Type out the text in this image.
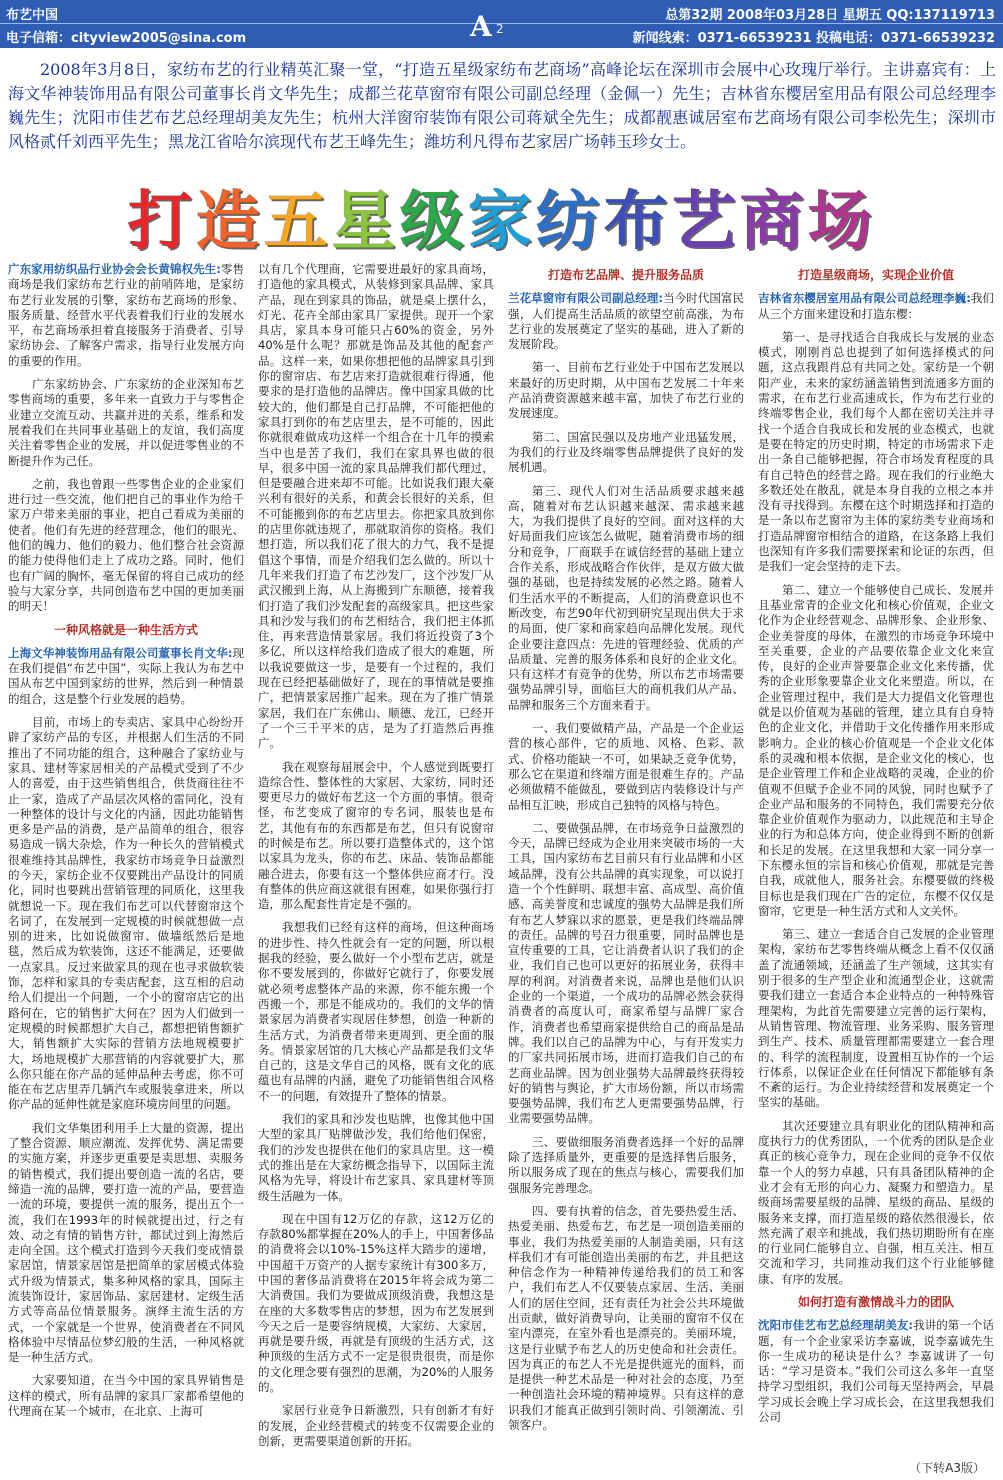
布艺中国
电子信箱：cityview2005@sina.com	A 2
总第32期 2008年03月28日 星期五 QQ:137119713
新闻线索：0371-66539231 投稿电话：0371-66539232
2008年3月8日，家纺布艺的行业精英汇聚一堂，“打造五星级家纺布艺商场”高峰论坛在深圳市会展中心玫瑰厅举行。主讲嘉宾有：上海文华神装饰用品有限公司董事长肖文华先生；成都兰花草窗帘有限公司副总经理（金佩一）先生；吉林省东樱居室用品有限公司总经理李巍先生；沈阳市佳艺布艺总经理胡美友先生；杭州大洋窗帘装饰有限公司蒋斌全先生；成都靓惠诚居室布艺商场有限公司李松先生；深圳市风格贰仟刘西平先生；黑龙江省哈尔滨现代布艺王峰先生；潍坊利凡得布艺家居广场韩玉珍女士。
打造五星级家纺布艺商场

广东家用纺织品行业协会会长黄锦权先生:零售商场是我们家纺布艺行业的前哨阵地，是家纺布艺行业发展的引擎，家纺布艺商场的形象、服务质量、经营水平代表着我们行业的发展水平，布艺商场承担着直接服务于消费者、引导家纺协会、了解客户需求，指导行业发展方向的重要的作用。

广东家纺协会、广东家纺的企业深知布艺零售商场的重要，多年来一直致力于与零售企业建立交流互动、共赢并进的关系，维系和发展着我们在共同事业基础上的友谊，我们高度关注着零售企业的发展，并以促进零售业的不断提升作为己任。

之前，我也曾跟一些零售企业的企业家们进行过一些交流，他们把自己的事业作为给千家万户带来美丽的事业，把自己看成为美丽的使者。他们有先进的经营理念，他们的眼光、他们的魄力、他们的毅力、他们整合社会资源的能力使得他们走上了成功之路。同时，他们也有广阔的胸怀，毫无保留的将自己成功的经验与大家分享，共同创造布艺中国的更加美丽的明天！

一种风格就是一种生活方式

上海文华神装饰用品有限公司董事长肖文华:现在我们提倡“布艺中国”，实际上我认为布艺中国从布艺中国到家纺的世界，然后到一种情景的组合，这是整个行业发展的趋势。

目前，市场上的专卖店、家具中心纷纷开辟了家纺产品的专区，并根据人们生活的不同推出了不同功能的组合，这种融合了家纺业与家具、建材等家居相关的产品模式受到了不少人的喜爱，由于这些销售组合，供货商往往不止一家，造成了产品层次风格的雷同化，没有一种整体的设计与文化的内涵，因此功能销售更多是产品的消费，是产品简单的组合，很容易造成一锅大杂烩，作为一种长久的营销模式很难维持其品牌性，我家纺市场竞争日益激烈的今天，家纺企业不仅要跳出产品设计的同质化，同时也要跳出营销管理的同质化，这里我就想说一下。现在我们布艺可以代替窗帘这个名词了，在发展到一定规模的时候就想做一点别的进来，比如说做窗帘、做墙纸然后是地毯，然后成为软装饰，这还不能满足，还要做一点家具。反过来做家具的现在也寻求做软装饰，怎样和家具的专卖店配套，这互相的启动给人们提出一个问题，一个小的窗帘店它的出路何在，它的销售扩大何在？因为人们做到一定规模的时候都想扩大自己，都想把销售额扩大，销售额扩大实际的营销方法地规模要扩大，场地规模扩大那营销的内容就要扩大，那么你只能在你产品的延伸品种去考虑，你不可能在布艺店里弄几辆汽车或服装拿进来，所以你产品的延伸性就是家庭环境房间里的问题。

我们文华集团利用手上大量的资源，提出了整合资源、顺应潮流、发挥优势、满足需要的实施方案，并逐步更重要是卖思想、卖服务的销售模式，我们提出要创造一流的名店，要缔造一流的品牌，要打造一流的产品，要营造一流的环境，要提供一流的服务，提出五个一流，我们在1993年的时候就提出过，行之有效、动之有情的销售方针，都试过到上海然后走向全国。这个模式打造到今天我们变成情景家居馆，情景家居馆是把简单的家居模式体验式升级为情景式，集多种风格的家具，国际主流装饰设计，家居饰品、家居建材、定级生活方式等高品位情景服务。演绎主流生活的方式，一个家就是一个世界，使消费者在不同风格体验中尽情品位梦幻般的生活，一种风格就是一种生活方式。

大家要知道，在当今中国的家具界销售是这样的模式，所有品牌的家具厂家都希望他的代理商在某一个城市，在北京、上海可

以有几个代理商，它需要进最好的家具商场，打造他的家具模式，从装修到家具品牌、家具产品，现在到家具的饰品，就是桌上摆什么，灯光、花卉全部由家具厂家提供。现开一个家具店，家具本身可能只占60%的资金，另外40%是什么呢？那就是饰品及其他的配套产品。这样一来，如果你想把他的品牌家具引到你的窗帘店、布艺店来打造就很难行得通，他要求的是打造他的品牌店。像中国家具做的比较大的，他们都是自己打品牌，不可能把他的家具打到你的布艺店里去，是不可能的，因此你就很难做成功这样一个组合在十几年的摸索当中也是苦了我们，我们在家具界也做的很早，很多中国一流的家具品牌我们都代理过，但是要融合进来却不可能。比如说我们跟大豪兴利有很好的关系，和黄会长很好的关系，但不可能搬到你的布艺店里去。你把家具放到你的店里你就违规了，那就取消你的资格。我们想打造，所以我们花了很大的力气，我不是提倡这个事情，而是介绍我们怎么做的。所以十几年来我们打造了布艺沙发厂，这个沙发厂从武汉搬到上海，从上海搬到广东顺德，接着我们打造了我们沙发配套的高级家具。把这些家具和沙发与我们的布艺相结合，我们把主体抓住，再来营造情景家居。我们将近投资了3个多亿，所以这样给我们造成了很大的难题，所以我说要做这一步，是要有一个过程的，我们现在已经把基础做好了，现在的事情就是要推广，把情景家居推广起来。现在为了推广情景家居，我们在广东佛山、顺德、龙江，已经开了一个三千平米的店，是为了打造然后再推广。

我在观察每届展会中，个人感觉到既要打造综合性、整体性的大家居、大家纺，同时还要更尽力的做好布艺这一个方面的事情。很奇怪，布艺变成了窗帘的专名词，服装也是布艺，其他有布的东西都是布艺，但只有说窗帘的时候是布艺。所以要打造整体式的，这个馆以家具为龙头，你的布艺、床品、装饰品都能融合进去，你要有这一个整体供应商才行。没有整体的供应商这就很有困难，如果你强行打造，那么配套性肯定是不强的。

我想我们已经有这样的商场，但这种商场的进步性、持久性就会有一定的问题，所以根据我的经验，要么做好一个小型布艺店，就是你不要发展到的，你做好它就行了，你要发展就必须考虑整体产品的来源，你不能东搬一个西搬一个，那是不能成功的。我们的文华的情景家居为消费者实现居住梦想，创造一种新的生活方式，为消费者带来更周到、更全面的服务。情景家居馆的几大核心产品都是我们文华自己的，这是文华自己的风格，既有文化的底蕴也有品牌的内涵，避免了功能销售组合风格不一的问题，有效提升了整体的情景。

我们的家具和沙发也贴牌，也像其他中国大型的家具厂贴牌做沙发，我们给他们保密，我们的沙发也提供在他们的家具店里。这一模式的推出是在大家纺概念指导下，以国际主流风格为先导，将设计布艺家具、家具建材等顶级生活融为一体。

现在中国有12万亿的存款，这12万亿的存款80%都掌握在20%人的手上，中国奢侈品的消费将会以10%-15%这样大踏步的递增，中国超千万资产的人据专家统计有300多万，中国的奢侈品消费将在2015年将会成为第二大消费国。我们为要做成顶级消费，我想这是在座的大多数零售店的梦想，因为布艺发展到今天之后一是要容纳规模，大家纺、大家居，再就是要升级，再就是有顶级的生活方式，这种顶级的生活方式不一定是很贵很贵，而是你的文化理念要有强烈的思潮，为20%的人服务的。

家居行业竞争日新激烈，只有创新才有好的发展，企业经营模式的转变不仅需要企业的创新，更需要渠道创新的开拓。

打造布艺品牌、提升服务品质

兰花草窗帘有限公司副总经理:当今时代国富民强，人们提高生活品质的欲望空前高涨，为布艺行业的发展奠定了坚实的基础，进入了新的发展阶段。

第一、目前布艺行业处于中国布艺发展以来最好的历史时期，从中国布艺发展二十年来产品消费资源越来越丰富，加快了布艺行业的发展速度。

第二、国富民强以及房地产业迅猛发展，为我们的行业及终端零售品牌提供了良好的发展机遇。

第三、现代人们对生活品质要求越来越高，随着对布艺认识越来越深、需求越来越大，为我们提供了良好的空间。面对这样的大好局面我们应该怎么做呢，随着消费市场的细分和竞争，厂商联手在诚信经营的基础上建立合作关系，形成战略合作伙伴，是双方做大做强的基础，也是持续发展的必然之路。随着人们生活水平的不断提高，人们的消费意识也不断改变，布艺90年代初到研究呈现出供大于求的局面，使厂家和商家趋向品牌化发展。现代企业要注意四点：先进的管理经验、优质的产品质量、完善的服务体系和良好的企业文化。只有这样才有竞争的优势，所以布艺市场需要强势品牌引导，面临巨大的商机我们从产品、品牌和服务三个方面来看于。

一、我们要做精产品，产品是一个企业运营的核心部件，它的质地、风格、色彩、款式、价格功能缺一不可，如果缺乏竞争优势，那么它在渠道和终端方面是很难生存的。产品必须做精不能做乱，要做到店内装修设计与产品相互汇映，形成自己独特的风格与特色。

二、要做强品牌，在市场竞争日益激烈的今天，品牌已经成为企业用来突破市场的一大工具，国内家纺布艺目前只有行业品牌和小区域品牌，没有公共品牌的真实现象，可以说打造一个个性鲜明、联想丰富、高成型、高价值感、高美誉度和忠诚度的强势大品牌是我们所有布艺人梦寐以求的愿景，更是我们终端品牌的责任。品牌的号召力很重要，同时品牌也是宣传重要的工具，它让消费者认识了我们的企业，我们自己也可以更好的拓展业务，获得丰厚的利润。对消费者来说，品牌也是他们认识企业的一个渠道，一个成功的品牌必然会获得消费者的高度认可，商家希望与品牌厂家合作，消费者也希望商家提供给自己的商品是品牌。我们以自己的品牌为中心，与有开发实力的厂家共同拓展市场，进而打造我们自己的布艺商业品牌。因为创业强势大品牌最终获得较好的销售与舆论，扩大市场份额，所以市场需要强势品牌，我们布艺人更需要强势品牌，行业需要强势品牌。

三、要做细服务消费者选择一个好的品牌除了选择质量外，更重要的是选择售后服务，所以服务成了现在的焦点与核心，需要我们加强服务完善理念。

四、要有执着的信念，首先要热爱生活、热爱美丽、热爱布艺，布艺是一项创造美丽的事业，我们为热爱美丽的人制造美丽，只有这样我们才有可能创造出美丽的布艺，并且把这种信念作为一种精神传递给我们的员工和客户，我们布艺人不仅要装点家居、生活、美丽人们的居住空间，还有责任为社会公共环境做出贡献，做好消费导向，让美丽的窗帘不仅在室内漂亮，在室外看也是漂亮的。美丽环境，这是行业赋予布艺人的历史使命和社会责任。因为真正的布艺人不光是提供遮光的面料，而是提供一种艺术品是一种对社会的态度，乃至一种创造社会环境的精神境界。只有这样的意识我们才能真正做到引领时尚、引领潮流、引领客户。

打造星级商场，实现企业价值

吉林省东樱居室用品有限公司总经理李巍:我们从三个方面来建设和打造东樱：

第一、是寻找适合自我成长与发展的业态模式，刚刚肖总也提到了如何选择模式的问题，这点我跟肖总有共同之处。家纺是一个朝阳产业，未来的家纺涵盖销售到流通多方面的需求，在布艺行业高速成长，作为布艺行业的终端零售企业，我们每个人都在密切关注并寻找一个适合自我成长和发展的业态模式，也就是要在特定的历史时期，特定的市场需求下走出一条自己能够把握，符合市场发育程度的具有自己特色的经营之路。现在我们的行业绝大多数还处在散乱，就是本身自我的立根之本并没有寻找得到。东樱在这个时期选择和打造的是一条以布艺窗帘为主体的家纺类专业商场和打造品牌窗帘相结合的道路，在这条路上我们也深知有许多我们需要探索和论证的东西，但是我们一定会坚持的走下去。

第二、建立一个能够使自己成长、发展并且基业常青的企业文化和核心价值观，企业文化作为企业经营观念、品牌形象、企业形象、企业美誉度的母体，在激烈的市场竞争环境中至关重要，企业的产品要依靠企业文化来宣传，良好的企业声誉要靠企业文化来传播，优秀的企业形象要靠企业文化来塑造。所以，在企业管理过程中，我们是大力提倡文化管理也就是以价值观为基础的管理，建立具有自身特色的企业文化，并借助于文化传播作用来形成影响力。企业的核心价值观是一个企业文化体系的灵魂和根本依据，是企业文化的核心，也是企业管理工作和企业战略的灵魂，企业的价值观不但赋予企业不同的风貌，同时也赋予了企业产品和服务的不同特色，我们需要充分依靠企业价值观作为驱动力，以此规范和主导企业的行为和总体方向，使企业得到不断的创新和长足的发展。在这里我想和大家一同分享一下东樱永恒的宗旨和核心价值观，那就是完善自我，成就他人，服务社会。东樱要做的终极目标也是我们现在广告的定位，东樱不仅仅是窗帘，它更是一种生活方式和人文关怀。

第三、建立一套适合自己发展的企业管理架构，家纺布艺零售终端从概念上看不仅仅涵盖了流通领域，还涵盖了生产领域，这其实有别于很多的生产型企业和流通型企业，这就需要我们建立一套适合本企业特点的一种特殊管理架构，为此首先需要建立完善的运行架构，从销售管理、物流管理、业务采购、服务管理到生产、技术、质量管理都需要建立一套合理的、科学的流程制度，设置相互协作的一个运行体系，以保证企业在任何情况下都能够有条不紊的运行。为企业持续经营和发展奠定一个坚实的基础。

其次还要建立具有职业化的团队精神和高度执行力的优秀团队，一个优秀的团队是企业真正的核心竞争力，现在企业间的竞争不仅依靠一个人的努力卓越，只有具备团队精神的企业才会有无形的向心力、凝聚力和塑造力。星级商场需要星级的品牌、星级的商品、星级的服务来支撑，而打造星级的路依然很漫长，依然充满了艰辛和挑战，我们热切期盼所有在座的行业同仁能够自立、自强，相互关注、相互交流和学习，共同推动我们这个行业能够健康、有序的发展。

如何打造有激情战斗力的团队

沈阳市佳艺布艺总经理胡美友:我讲的第一个话题，有一个企业家采访李嘉诚，说李嘉诚先生你一生成功的秘诀是什么？李嘉诚讲了一句话：“学习是资本。”我们公司这么多年一直坚持学习型组织，我们公司每天坚持两会，早晨学习成长会晚上学习成长会，在这里我想我们公司

（下转A3版）
